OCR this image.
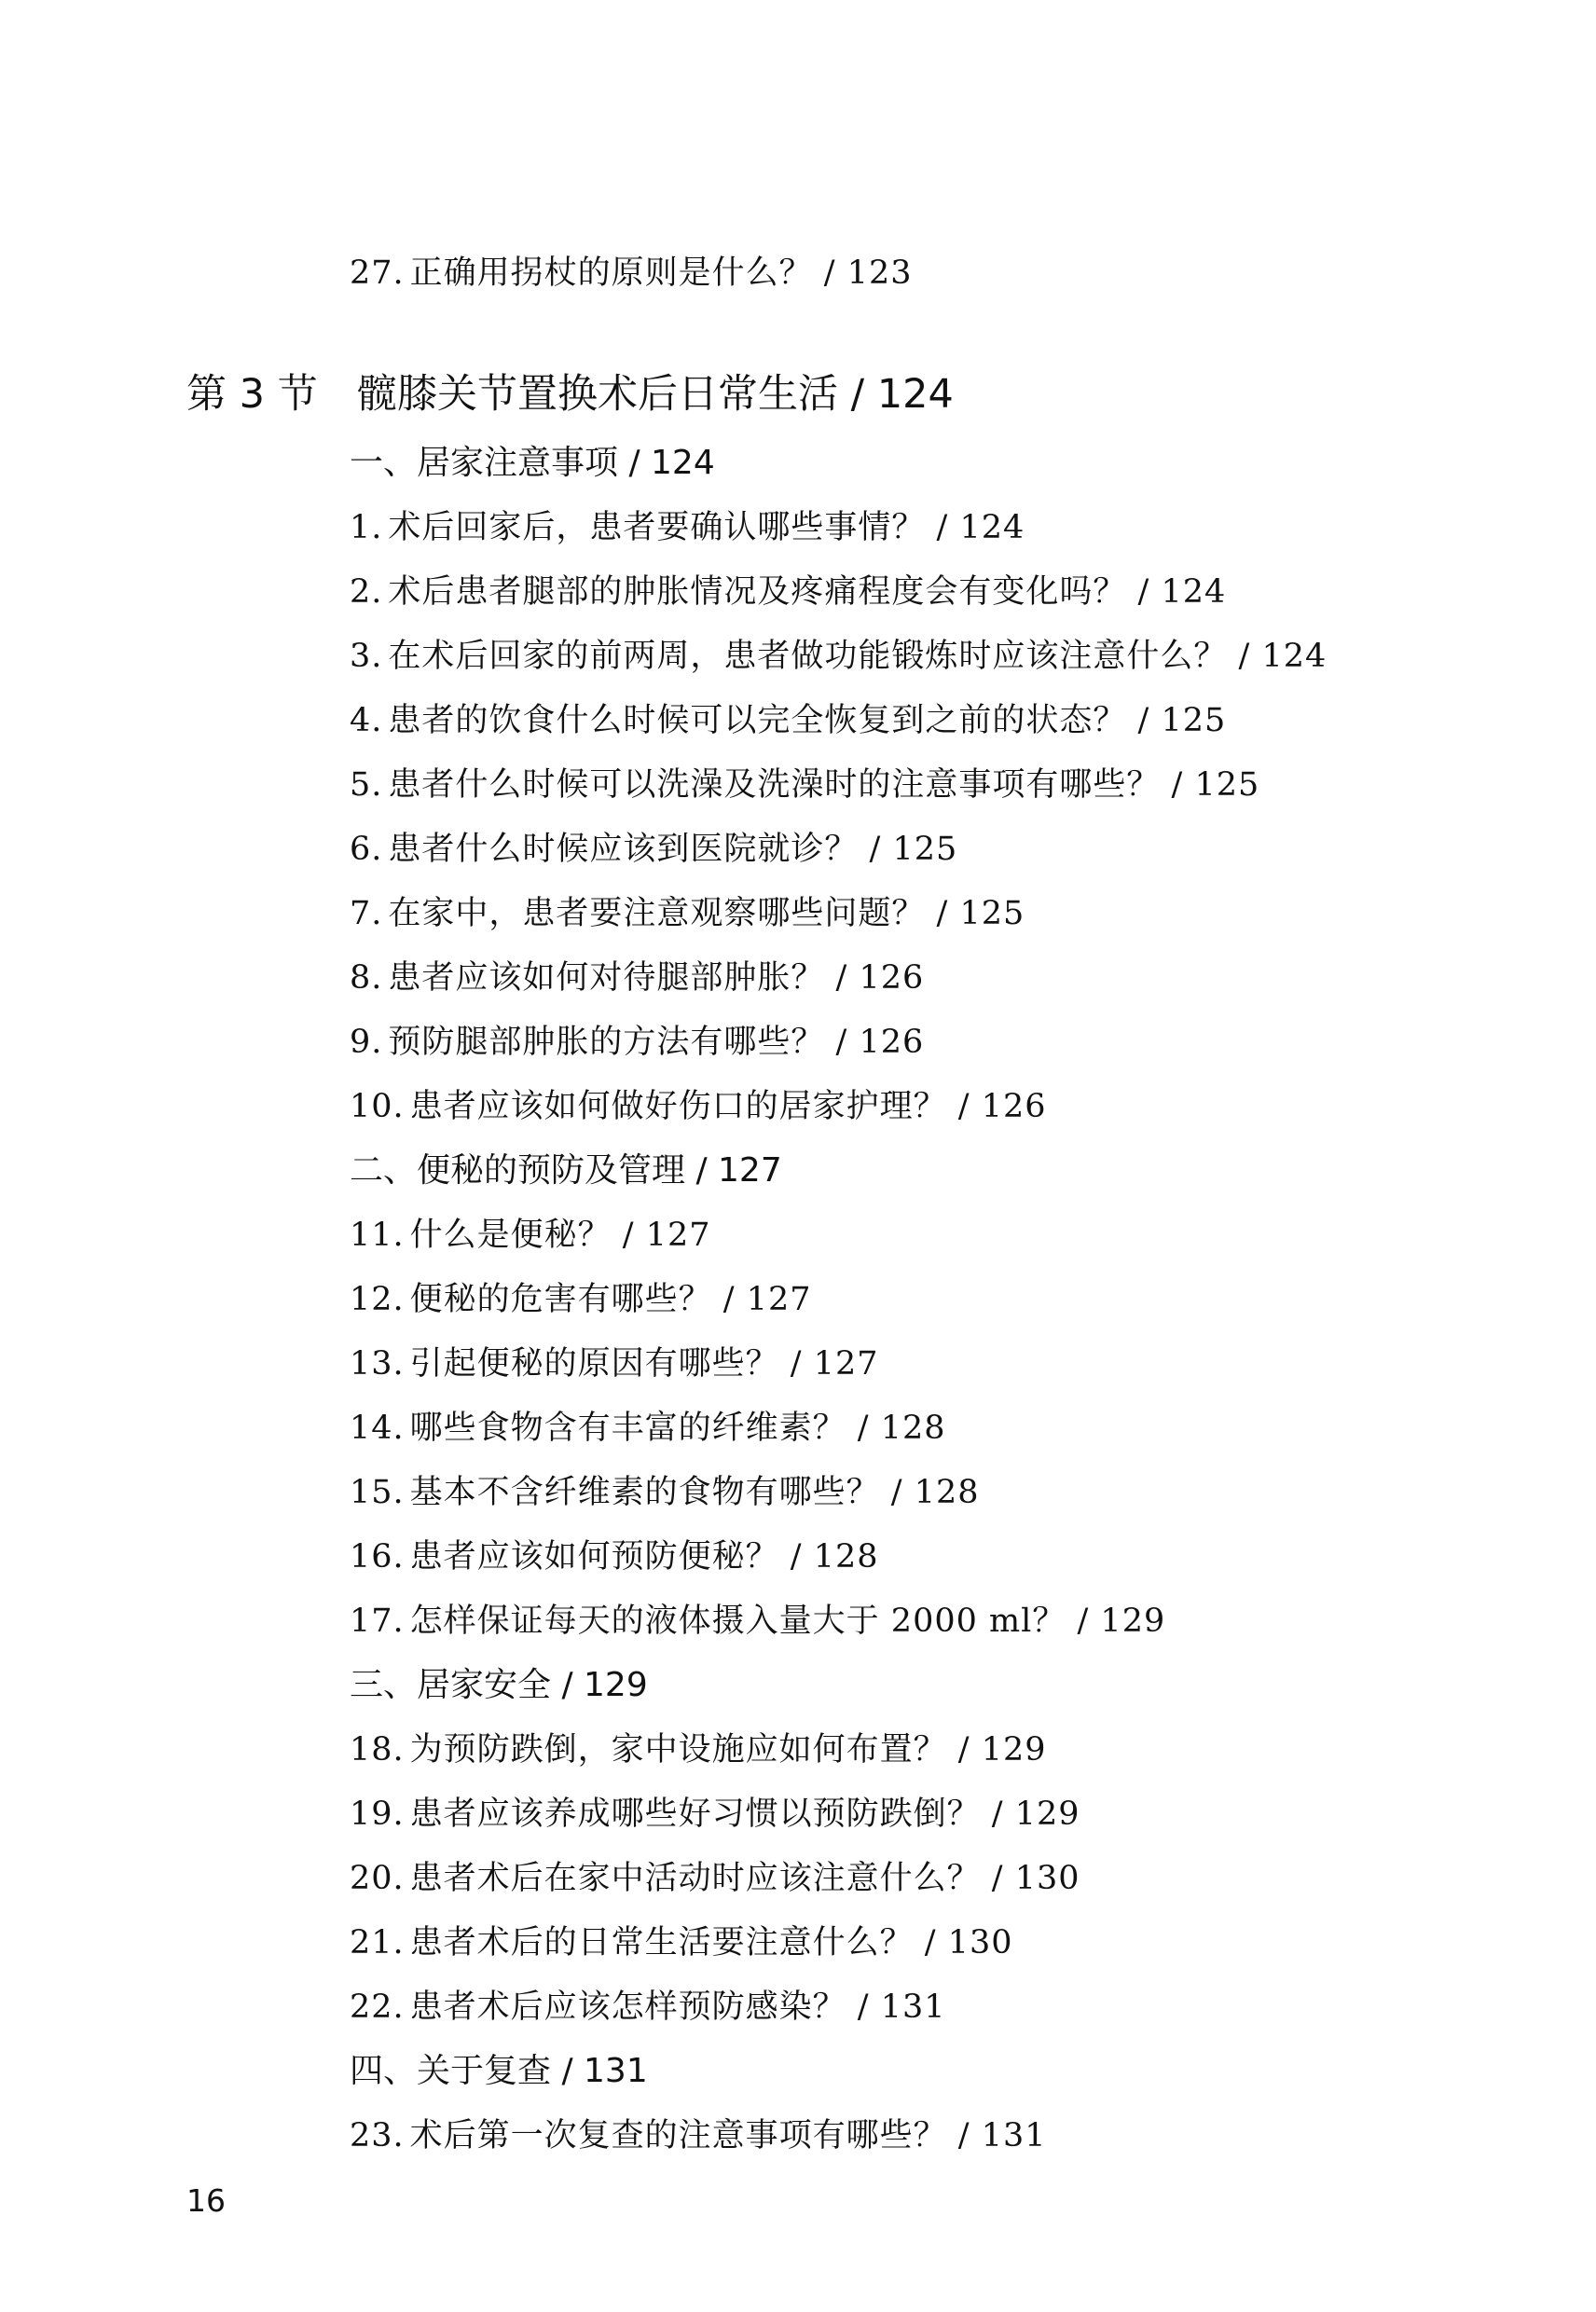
27. 正确用拐杖的原则是什么？ / 123
第 3 节 髋膝关节置换术后日常生活 / 124
一、居家注意事项 / 124
1. 术后回家后，患者要确认哪些事情？ / 124
2. 术后患者腿部的肿胀情况及疼痛程度会有变化吗？ / 124
3. 在术后回家的前两周，患者做功能锻炼时应该注意什么？ / 124
4. 患者的饮食什么时候可以完全恢复到之前的状态？ / 125
5. 患者什么时候可以洗澡及洗澡时的注意事项有哪些？ / 125
6. 患者什么时候应该到医院就诊？ / 125
7. 在家中，患者要注意观察哪些问题？ / 125
8. 患者应该如何对待腿部肿胀？ / 126
9. 预防腿部肿胀的方法有哪些？ / 126
10. 患者应该如何做好伤口的居家护理？ / 126
二、便秘的预防及管理 / 127
11. 什么是便秘？ / 127
12. 便秘的危害有哪些？ / 127
13. 引起便秘的原因有哪些？ / 127
14. 哪些食物含有丰富的纤维素？ / 128
15. 基本不含纤维素的食物有哪些？ / 128
16. 患者应该如何预防便秘？ / 128
17. 怎样保证每天的液体摄入量大于 2000 ml？ / 129
三、居家安全 / 129
18. 为预防跌倒，家中设施应如何布置？ / 129
19. 患者应该养成哪些好习惯以预防跌倒？ / 129
20. 患者术后在家中活动时应该注意什么？ / 130
21. 患者术后的日常生活要注意什么？ / 130
22. 患者术后应该怎样预防感染？ / 131
四、关于复查 / 131
23. 术后第一次复查的注意事项有哪些？ / 131
16
